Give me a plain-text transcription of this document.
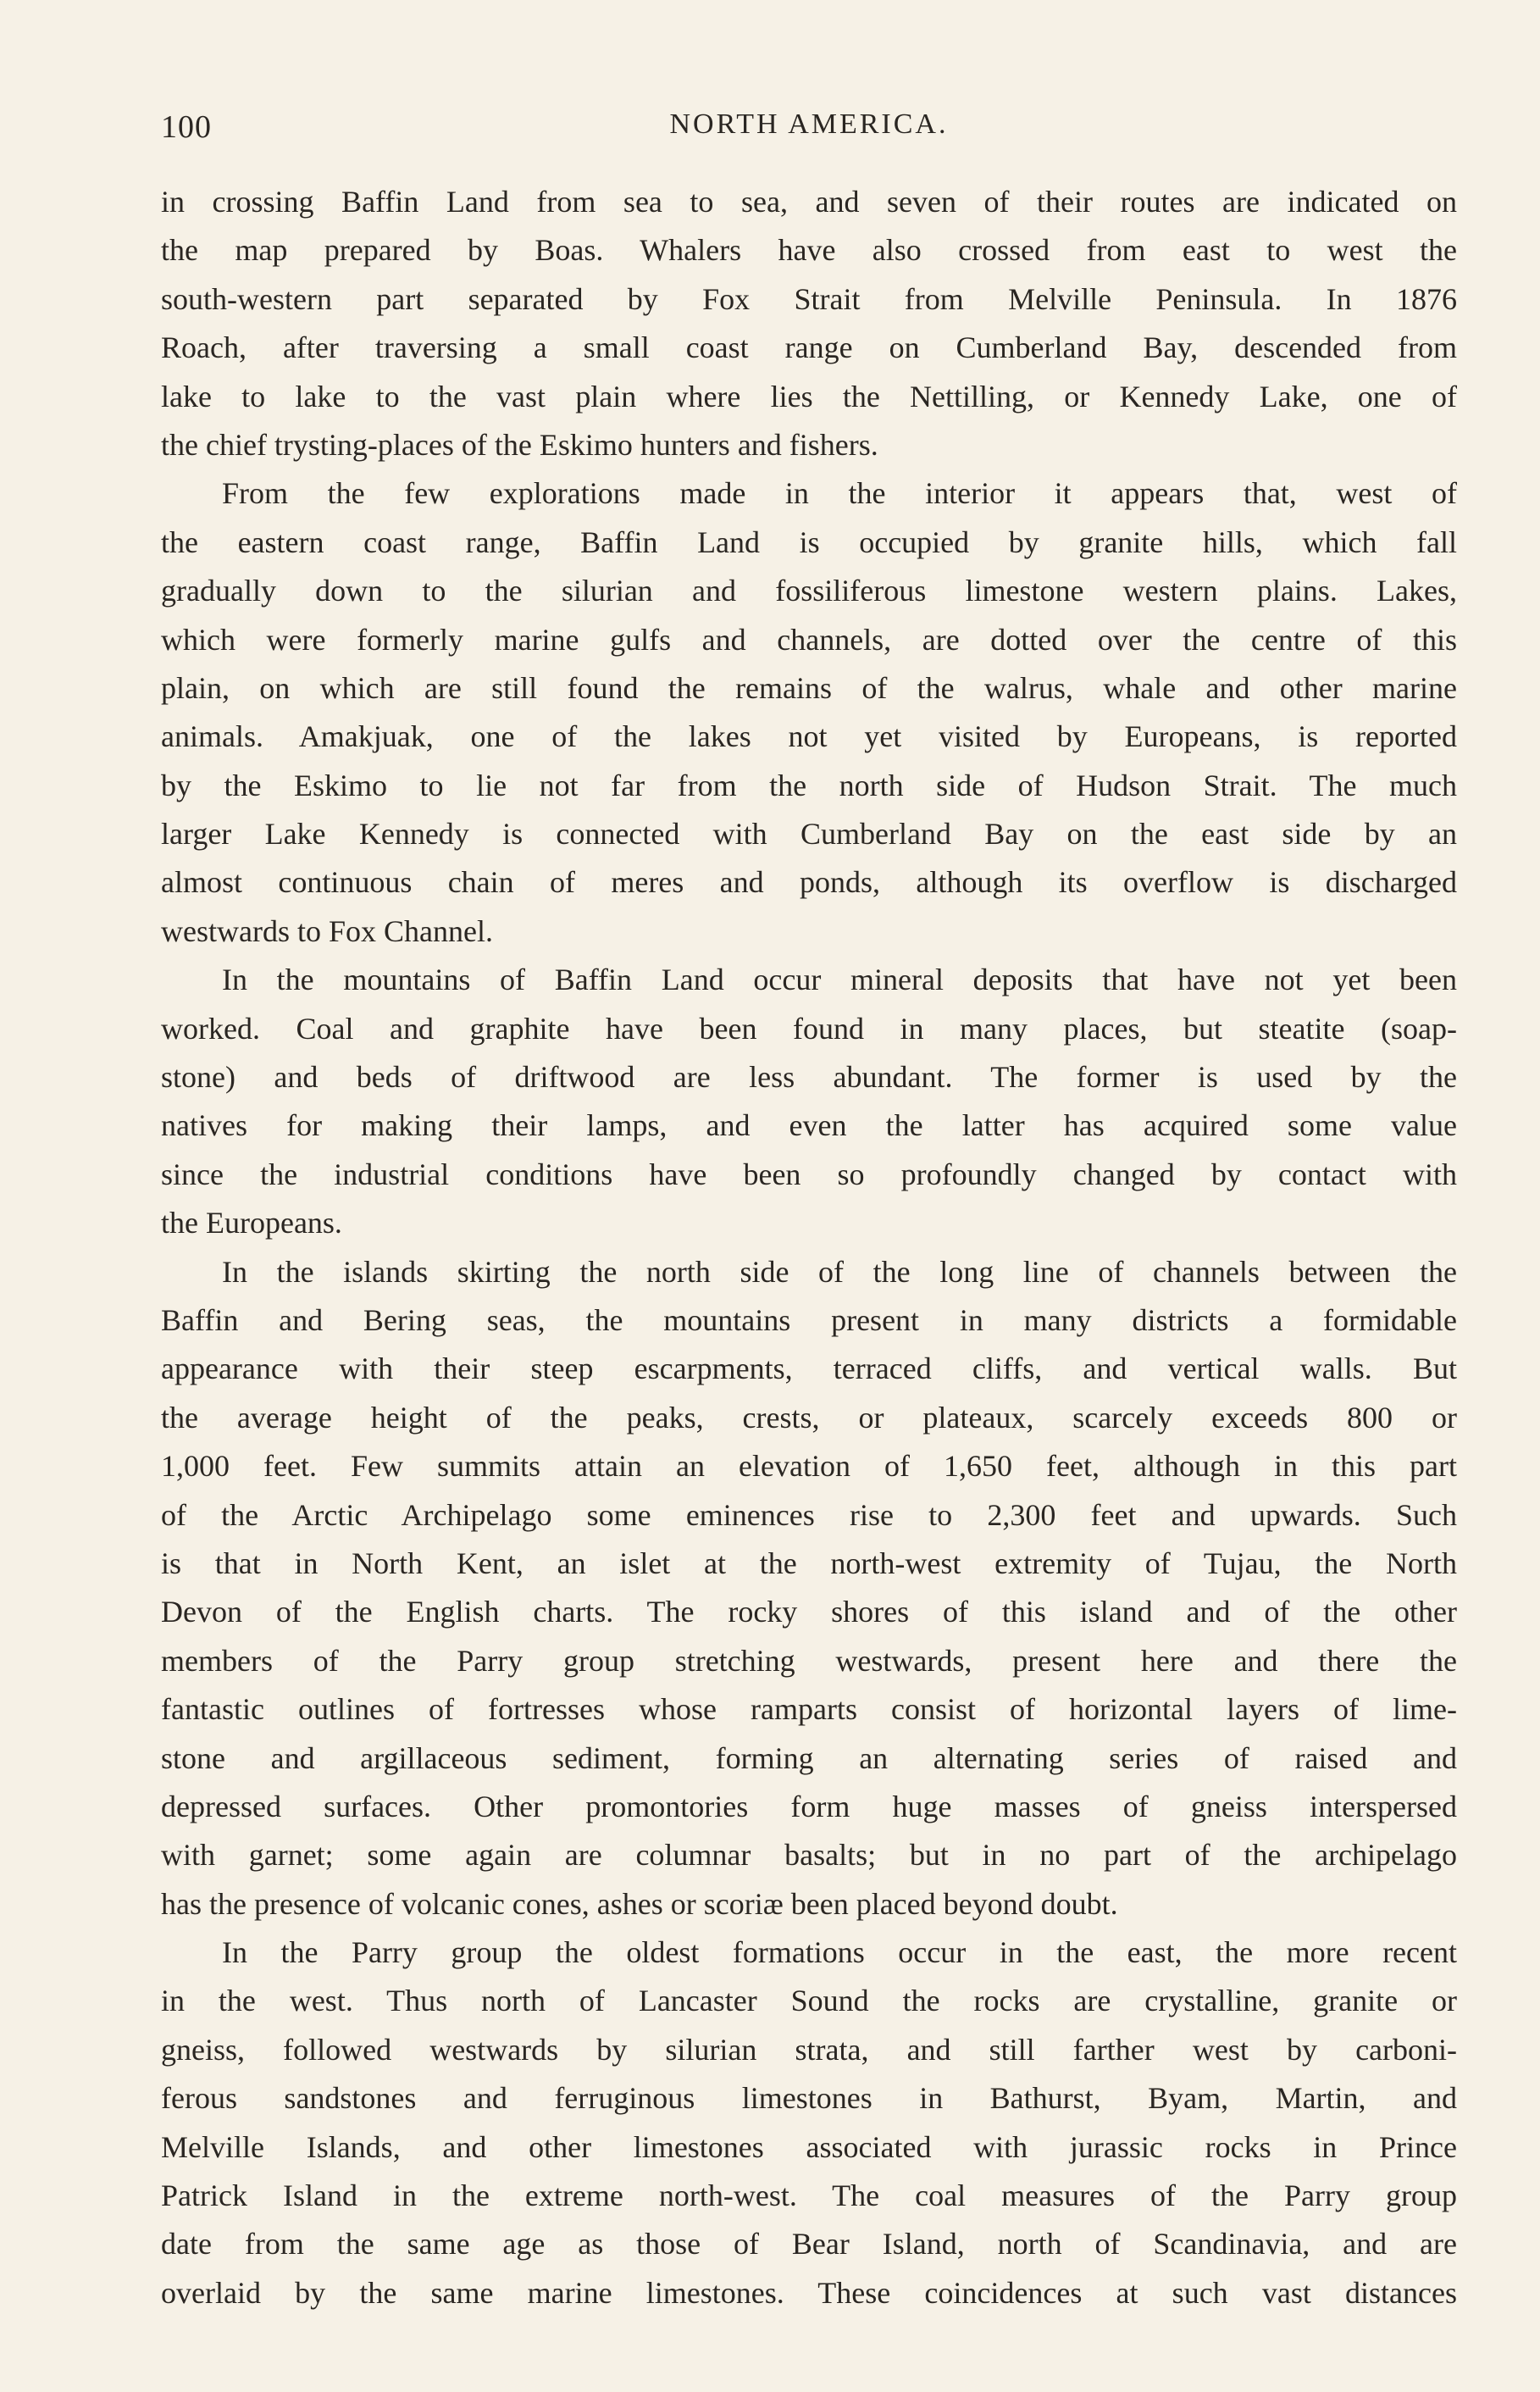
100	NORTH AMERICA.
in crossing Baffin Land from sea to sea, and seven of their routes are indicated on
the map prepared by Boas. Whalers have also crossed from east to west the
south-western part separated by Fox Strait from Melville Peninsula. In 1876
Roach, after traversing a small coast range on Cumberland Bay, descended from
lake to lake to the vast plain where lies the Nettilling, or Kennedy Lake, one of
the chief trysting-places of the Eskimo hunters and fishers.
From the few explorations made in the interior it appears that, west of
the eastern coast range, Baffin Land is occupied by granite hills, which fall
gradually down to the silurian and fossiliferous limestone western plains. Lakes,
which were formerly marine gulfs and channels, are dotted over the centre of this
plain, on which are still found the remains of the walrus, whale and other marine
animals. Amakjuak, one of the lakes not yet visited by Europeans, is reported
by the Eskimo to lie not far from the north side of Hudson Strait. The much
larger Lake Kennedy is connected with Cumberland Bay on the east side by an
almost continuous chain of meres and ponds, although its overflow is discharged
westwards to Fox Channel.
In the mountains of Baffin Land occur mineral deposits that have not yet been
worked. Coal and graphite have been found in many places, but steatite (soap-
stone) and beds of driftwood are less abundant. The former is used by the
natives for making their lamps, and even the latter has acquired some value
since the industrial conditions have been so profoundly changed by contact with
the Europeans.
In the islands skirting the north side of the long line of channels between the
Baffin and Bering seas, the mountains present in many districts a formidable
appearance with their steep escarpments, terraced cliffs, and vertical walls. But
the average height of the peaks, crests, or plateaux, scarcely exceeds 800 or
1,000 feet. Few summits attain an elevation of 1,650 feet, although in this part
of the Arctic Archipelago some eminences rise to 2,300 feet and upwards. Such
is that in North Kent, an islet at the north-west extremity of Tujau, the North
Devon of the English charts. The rocky shores of this island and of the other
members of the Parry group stretching westwards, present here and there the
fantastic outlines of fortresses whose ramparts consist of horizontal layers of lime-
stone and argillaceous sediment, forming an alternating series of raised and
depressed surfaces. Other promontories form huge masses of gneiss interspersed
with garnet; some again are columnar basalts; but in no part of the archipelago
has the presence of volcanic cones, ashes or scoriæ been placed beyond doubt.
In the Parry group the oldest formations occur in the east, the more recent
in the west. Thus north of Lancaster Sound the rocks are crystalline, granite or
gneiss, followed westwards by silurian strata, and still farther west by carboni-
ferous sandstones and ferruginous limestones in Bathurst, Byam, Martin, and
Melville Islands, and other limestones associated with jurassic rocks in Prince
Patrick Island in the extreme north-west. The coal measures of the Parry group
date from the same age as those of Bear Island, north of Scandinavia, and are
overlaid by the same marine limestones. These coincidences at such vast distances
